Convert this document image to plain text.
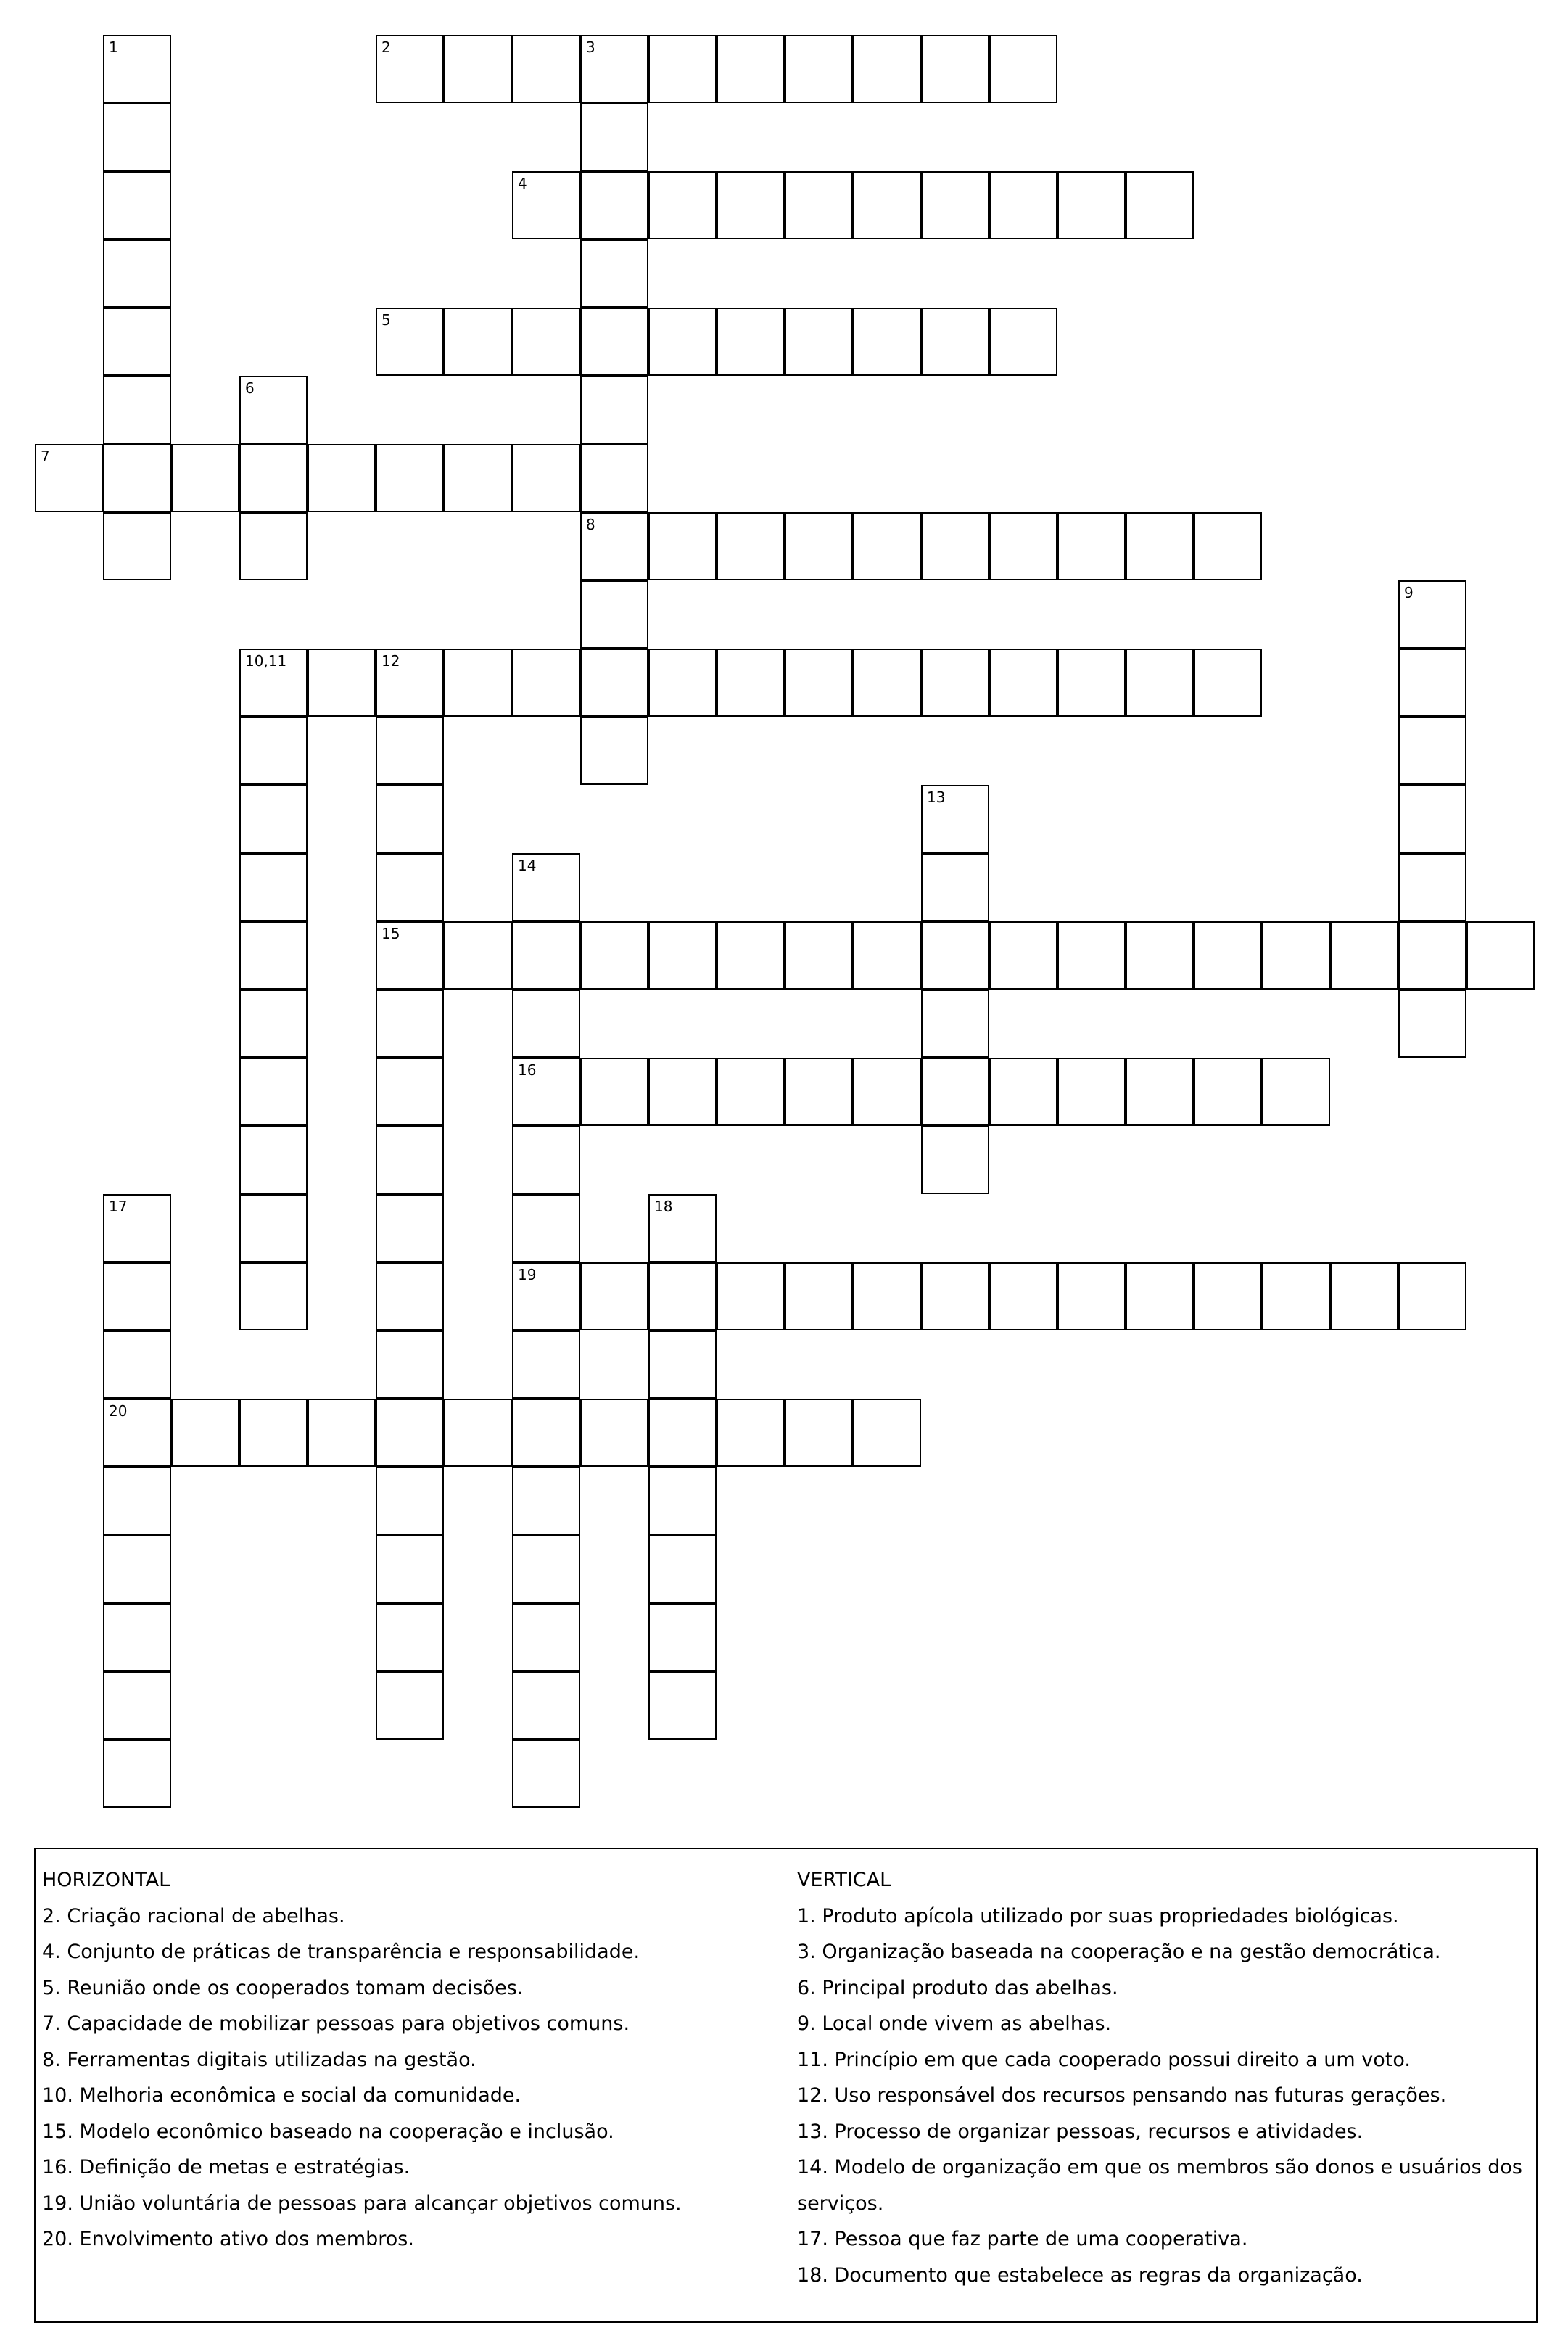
1	2	3
4
5
6
7
8
9
10,11	12
13
14
15
16
17	18
19
20
HORIZONTAL
2. Criação racional de abelhas.
4. Conjunto de práticas de transparência e responsabilidade.
5. Reunião onde os cooperados tomam decisões.
7. Capacidade de mobilizar pessoas para objetivos comuns.
8. Ferramentas digitais utilizadas na gestão.
10. Melhoria econômica e social da comunidade.
15. Modelo econômico baseado na cooperação e inclusão.
16. Definição de metas e estratégias.
19. União voluntária de pessoas para alcançar objetivos comuns.
20. Envolvimento ativo dos membros.
VERTICAL
1. Produto apícola utilizado por suas propriedades biológicas.
3. Organização baseada na cooperação e na gestão democrática.
6. Principal produto das abelhas.
9. Local onde vivem as abelhas.
11. Princípio em que cada cooperado possui direito a um voto.
12. Uso responsável dos recursos pensando nas futuras gerações.
13. Processo de organizar pessoas, recursos e atividades.
14. Modelo de organização em que os membros são donos e usuários dos serviços.
17. Pessoa que faz parte de uma cooperativa.
18. Documento que estabelece as regras da organização.
